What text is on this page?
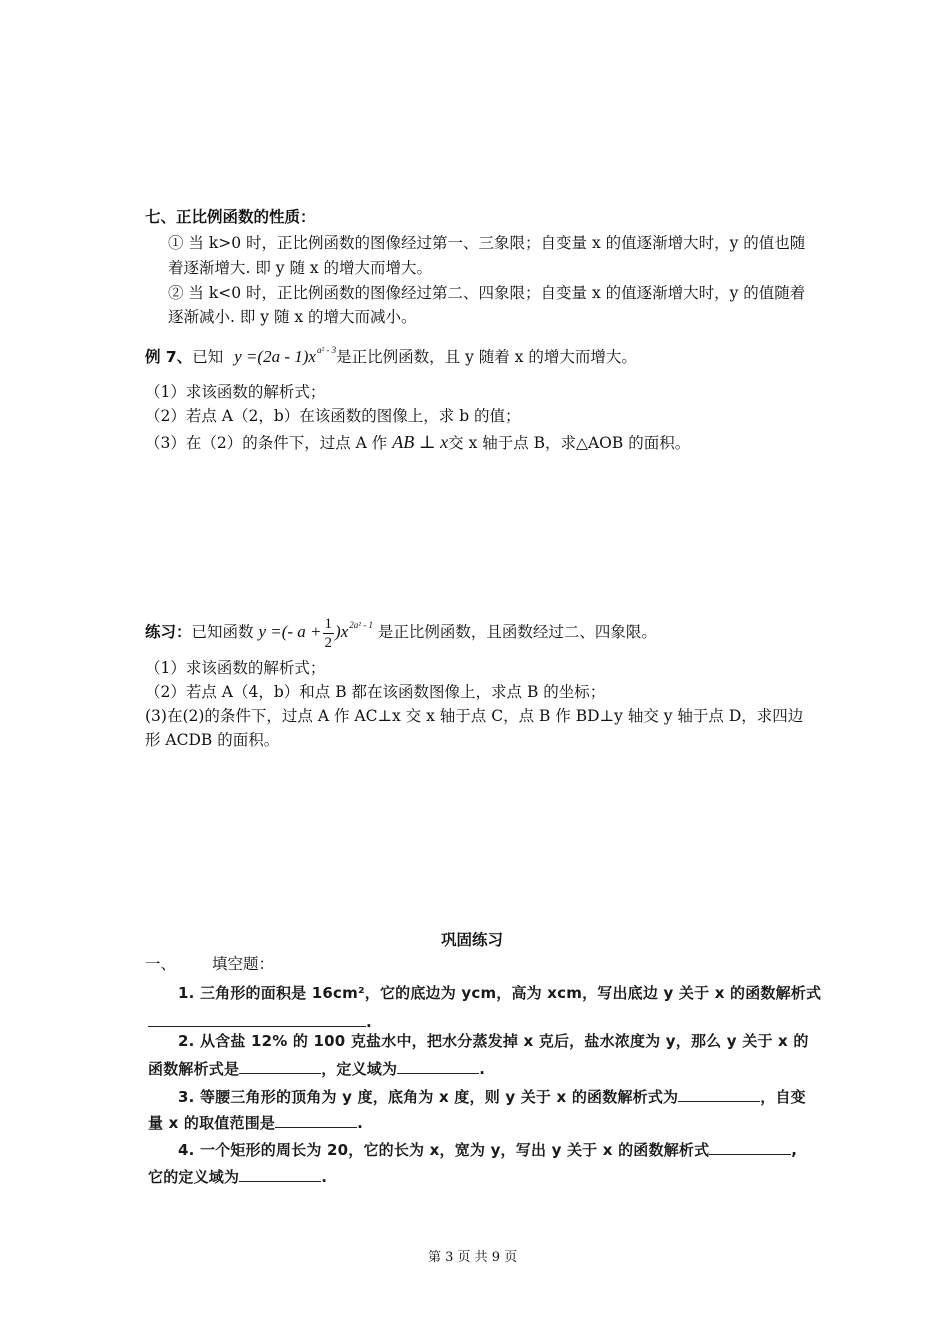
七、正比例函数的性质：
① 当 k>0 时，正比例函数的图像经过第一、三象限；自变量 x 的值逐渐增大时，y 的值也随
着逐渐增大. 即 y 随 x 的增大而增大。
② 当 k<0 时，正比例函数的图像经过第二、四象限；自变量 x 的值逐渐增大时，y 的值随着
逐渐减小. 即 y 随 x 的增大而减小。
例 7、已知 $y =(2a - 1)x^{a^2 - 3}$是正比例函数，且 y 随着 x 的增大而增大。
（1）求该函数的解析式；
（2）若点 A（2，b）在该函数的图像上，求 b 的值；
（3）在（2）的条件下，过点 A 作 AB ⊥ x交 x 轴于点 B，求△AOB 的面积。
练习：已知函数 y =(- $a + \frac{1}{2} )x^{2a^2 - 1}$ 是正比例函数，且函数经过二、四象限。
（1）求该函数的解析式；
（2）若点 A（4，b）和点 B 都在该函数图像上，求点 B 的坐标；
(3)在(2)的条件下，过点 A 作 AC⊥x 交 x 轴于点 C，点 B 作 BD⊥y 轴交 y 轴于点 D，求四边
形 ACDB 的面积。
巩固练习
一、 填空题：
1. 三角形的面积是 16cm²，它的底边为 ycm，高为 xcm，写出底边 y 关于 x 的函数解析式
.
2. 从含盐 12% 的 100 克盐水中，把水分蒸发掉 x 克后，盐水浓度为 y，那么 y 关于 x 的
函数解析式是	，定义域为	.
3. 等腰三角形的顶角为 y 度，底角为 x 度，则 y 关于 x 的函数解析式为	，自变
量 x 的取值范围是	.
4. 一个矩形的周长为 20，它的长为 x，宽为 y，写出 y 关于 x 的函数解析式	,
它的定义域为	.
第 3 页 共 9 页
